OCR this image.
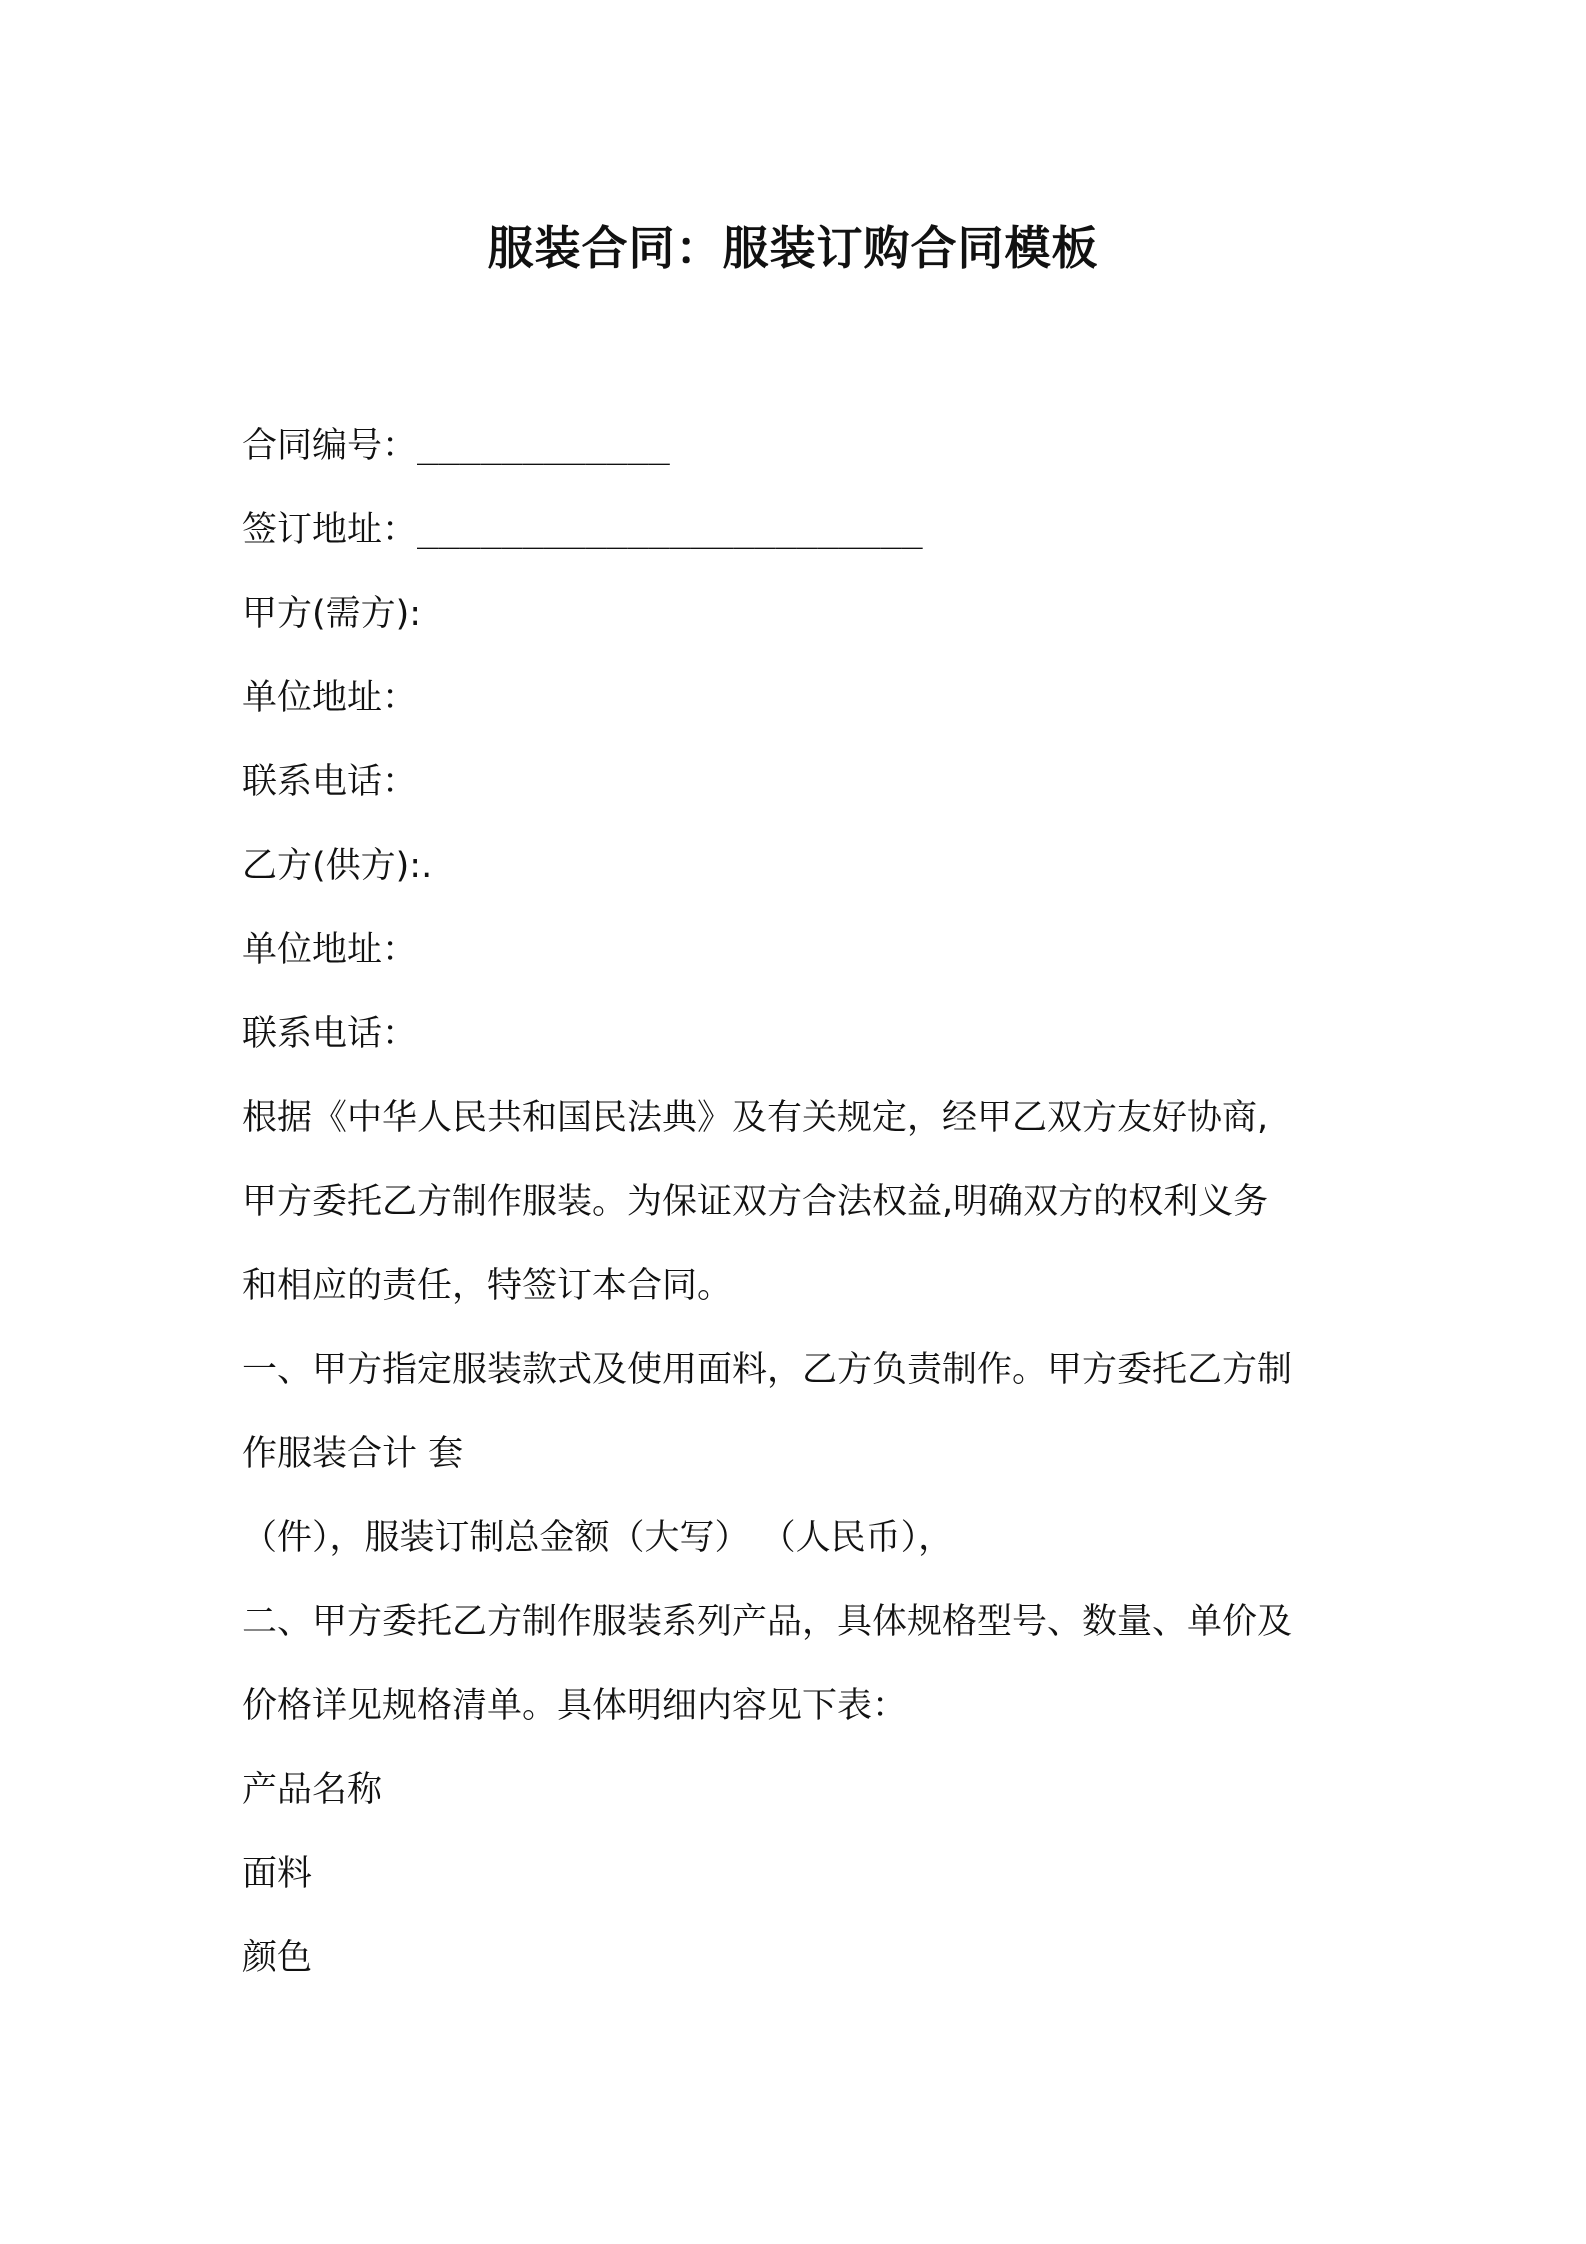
服装合同：服装订购合同模板
合同编号：____________
签订地址：________________________
甲方(需方):
单位地址：
联系电话：
乙方(供方):.
单位地址：
联系电话：
根据《中华人民共和国民法典》及有关规定，经甲乙双方友好协商,
甲方委托乙方制作服装。为保证双方合法权益,明确双方的权利义务
和相应的责任，特签订本合同。
一、甲方指定服装款式及使用面料，乙方负责制作。甲方委托乙方制
作服装合计 套
（件），服装订制总金额（大写） （人民币），
二、甲方委托乙方制作服装系列产品，具体规格型号、数量、单价及
价格详见规格清单。具体明细内容见下表：
产品名称
面料
颜色
